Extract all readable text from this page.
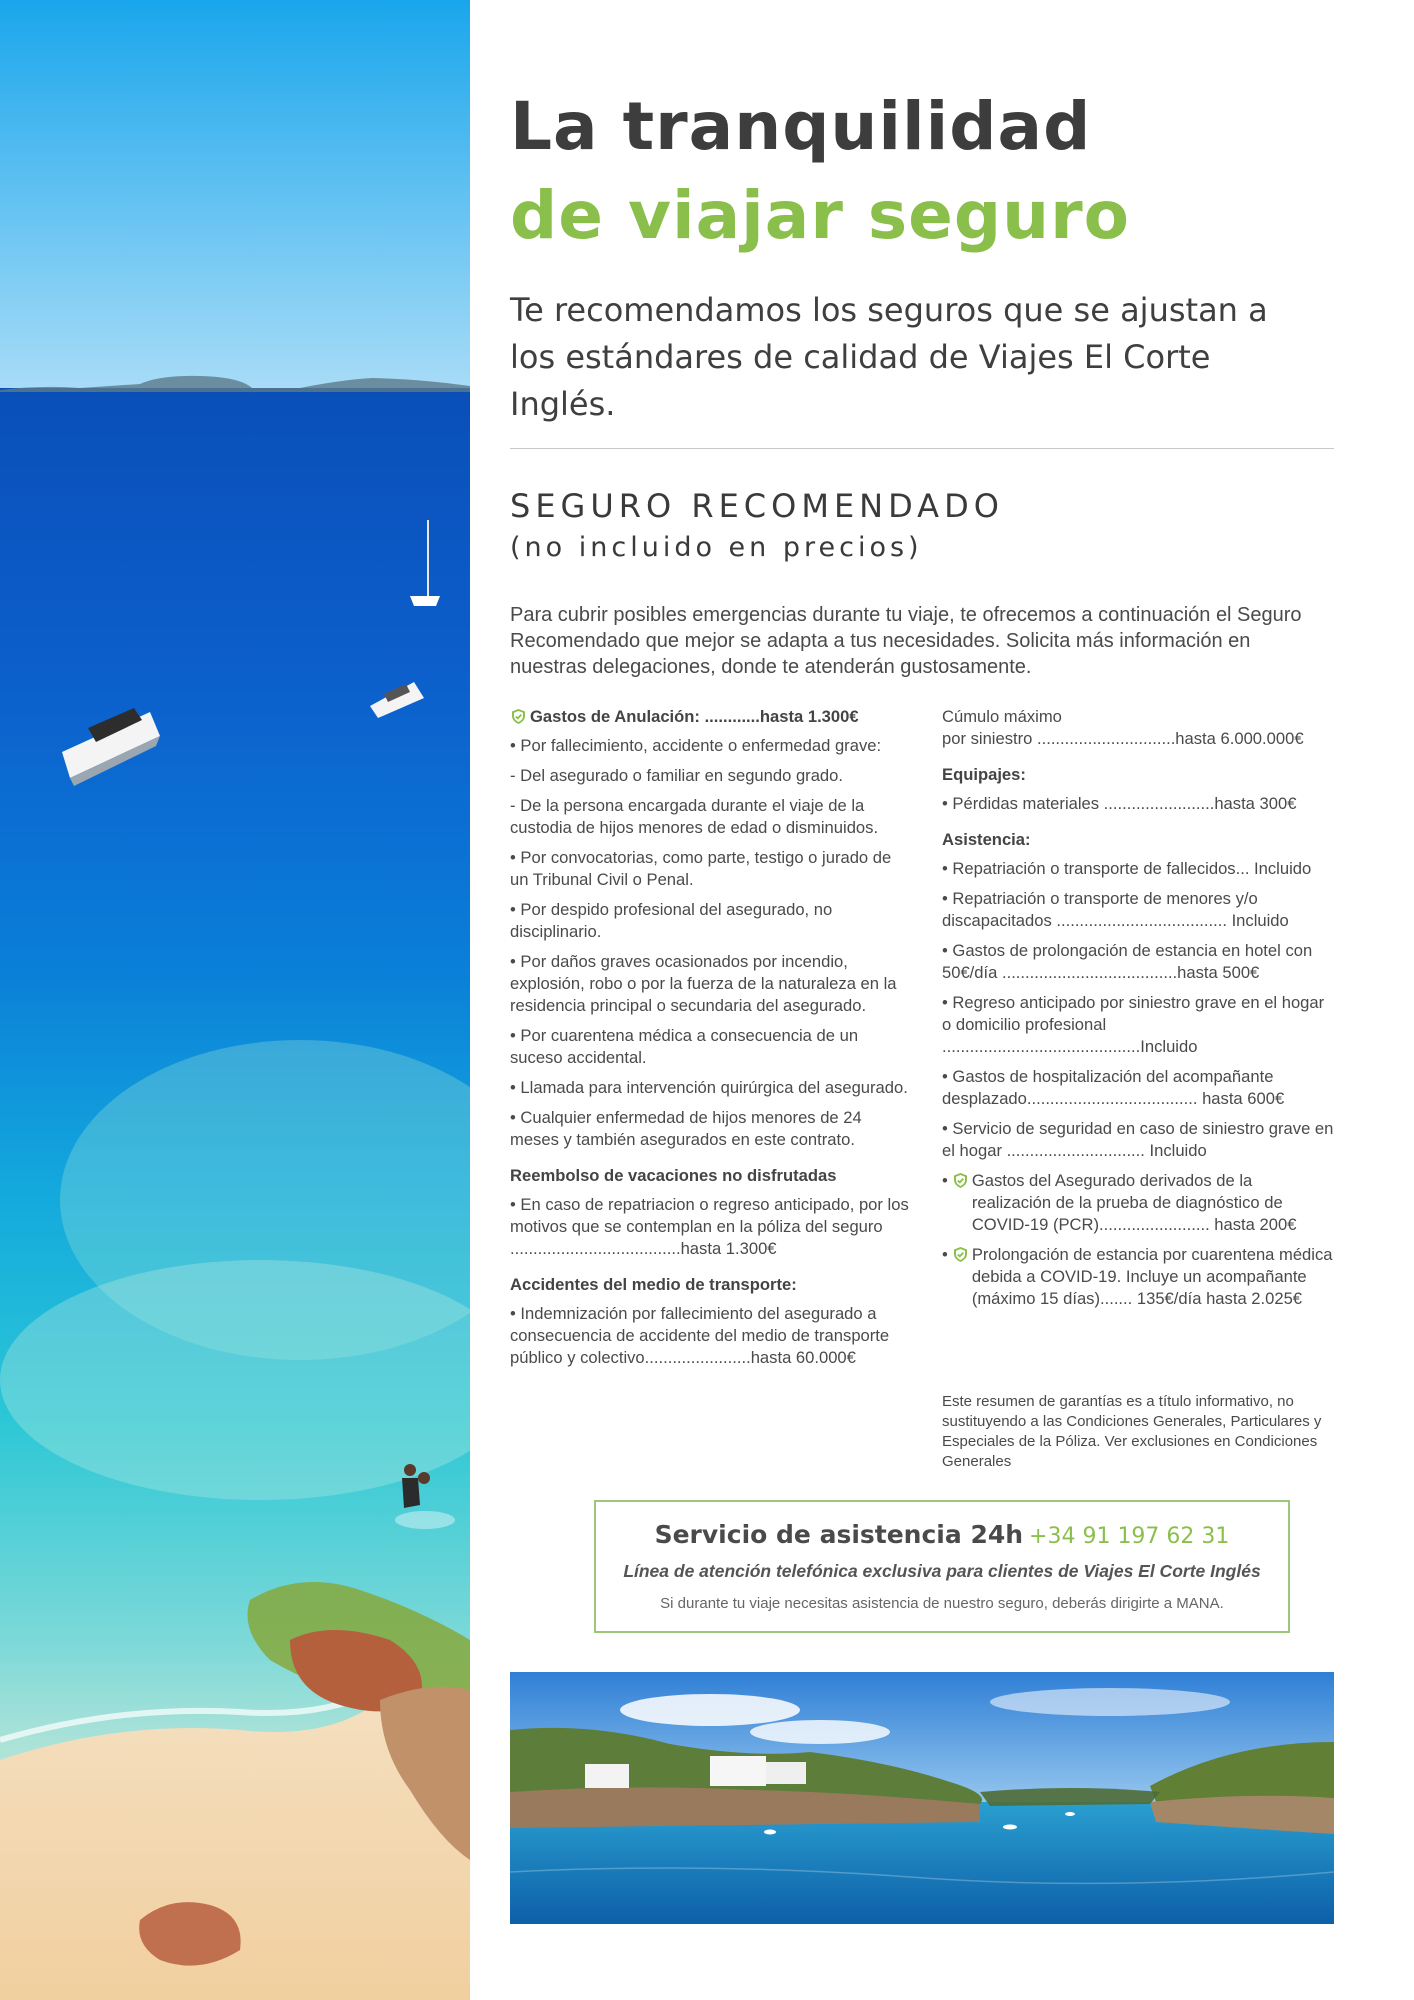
La tranquilidad
de viajar seguro
Te recomendamos los seguros que se ajustan a los estándares de calidad de Viajes El Corte Inglés.
SEGURO RECOMENDADO
(no incluido en precios)
Para cubrir posibles emergencias durante tu viaje, te ofrecemos a continuación el Seguro Recomendado que mejor se adapta a tus necesidades. Solicita más información en nuestras delegaciones, donde te atenderán gustosamente.
Gastos de Anulación: ............hasta 1.300€
• Por fallecimiento, accidente o enfermedad grave:
- Del asegurado o familiar en segundo grado.
- De la persona encargada durante el viaje de la custodia de hijos menores de edad o disminuidos.
• Por convocatorias, como parte, testigo o jurado de un Tribunal Civil o Penal.
• Por despido profesional del asegurado, no disciplinario.
• Por daños graves ocasionados por incendio, explosión, robo o por la fuerza de la naturaleza en la residencia principal o secundaria del asegurado.
• Por cuarentena médica a consecuencia de un suceso accidental.
• Llamada para intervención quirúrgica del asegurado.
• Cualquier enfermedad de hijos menores de 24 meses y también asegurados en este contrato.
Reembolso de vacaciones no disfrutadas
• En caso de repatriacion o regreso anticipado, por los motivos que se contemplan en la póliza del seguro .....................................hasta 1.300€
Accidentes del medio de transporte:
• Indemnización por fallecimiento del asegurado a consecuencia de accidente del medio de transporte público y colectivo.......................hasta 60.000€
Cúmulo máximo
por siniestro ..............................hasta 6.000.000€
Equipajes:
• Pérdidas materiales ........................hasta 300€
Asistencia:
• Repatriación o transporte de fallecidos... Incluido
• Repatriación o transporte de menores y/o discapacitados ..................................... Incluido
• Gastos de prolongación de estancia en hotel con 50€/día ......................................hasta 500€
• Regreso anticipado por siniestro grave en el hogar o domicilio profesional ...........................................Incluido
• Gastos de hospitalización del acompañante desplazado..................................... hasta 600€
• Servicio de seguridad en caso de siniestro grave en el hogar .............................. Incluido
• Gastos del Asegurado derivados de la realización de la prueba de diagnóstico de COVID-19 (PCR)........................ hasta 200€
• Prolongación de estancia por cuarentena médica debida a COVID-19. Incluye un acompañante (máximo 15 días)....... 135€/día hasta 2.025€
Este resumen de garantías es a título informativo, no sustituyendo a las Condiciones Generales, Particulares y Especiales de la Póliza. Ver exclusiones en Condiciones Generales
Servicio de asistencia 24h +34 91 197 62 31
Línea de atención telefónica exclusiva para clientes de Viajes El Corte Inglés
Si durante tu viaje necesitas asistencia de nuestro seguro, deberás dirigirte a MANA.
